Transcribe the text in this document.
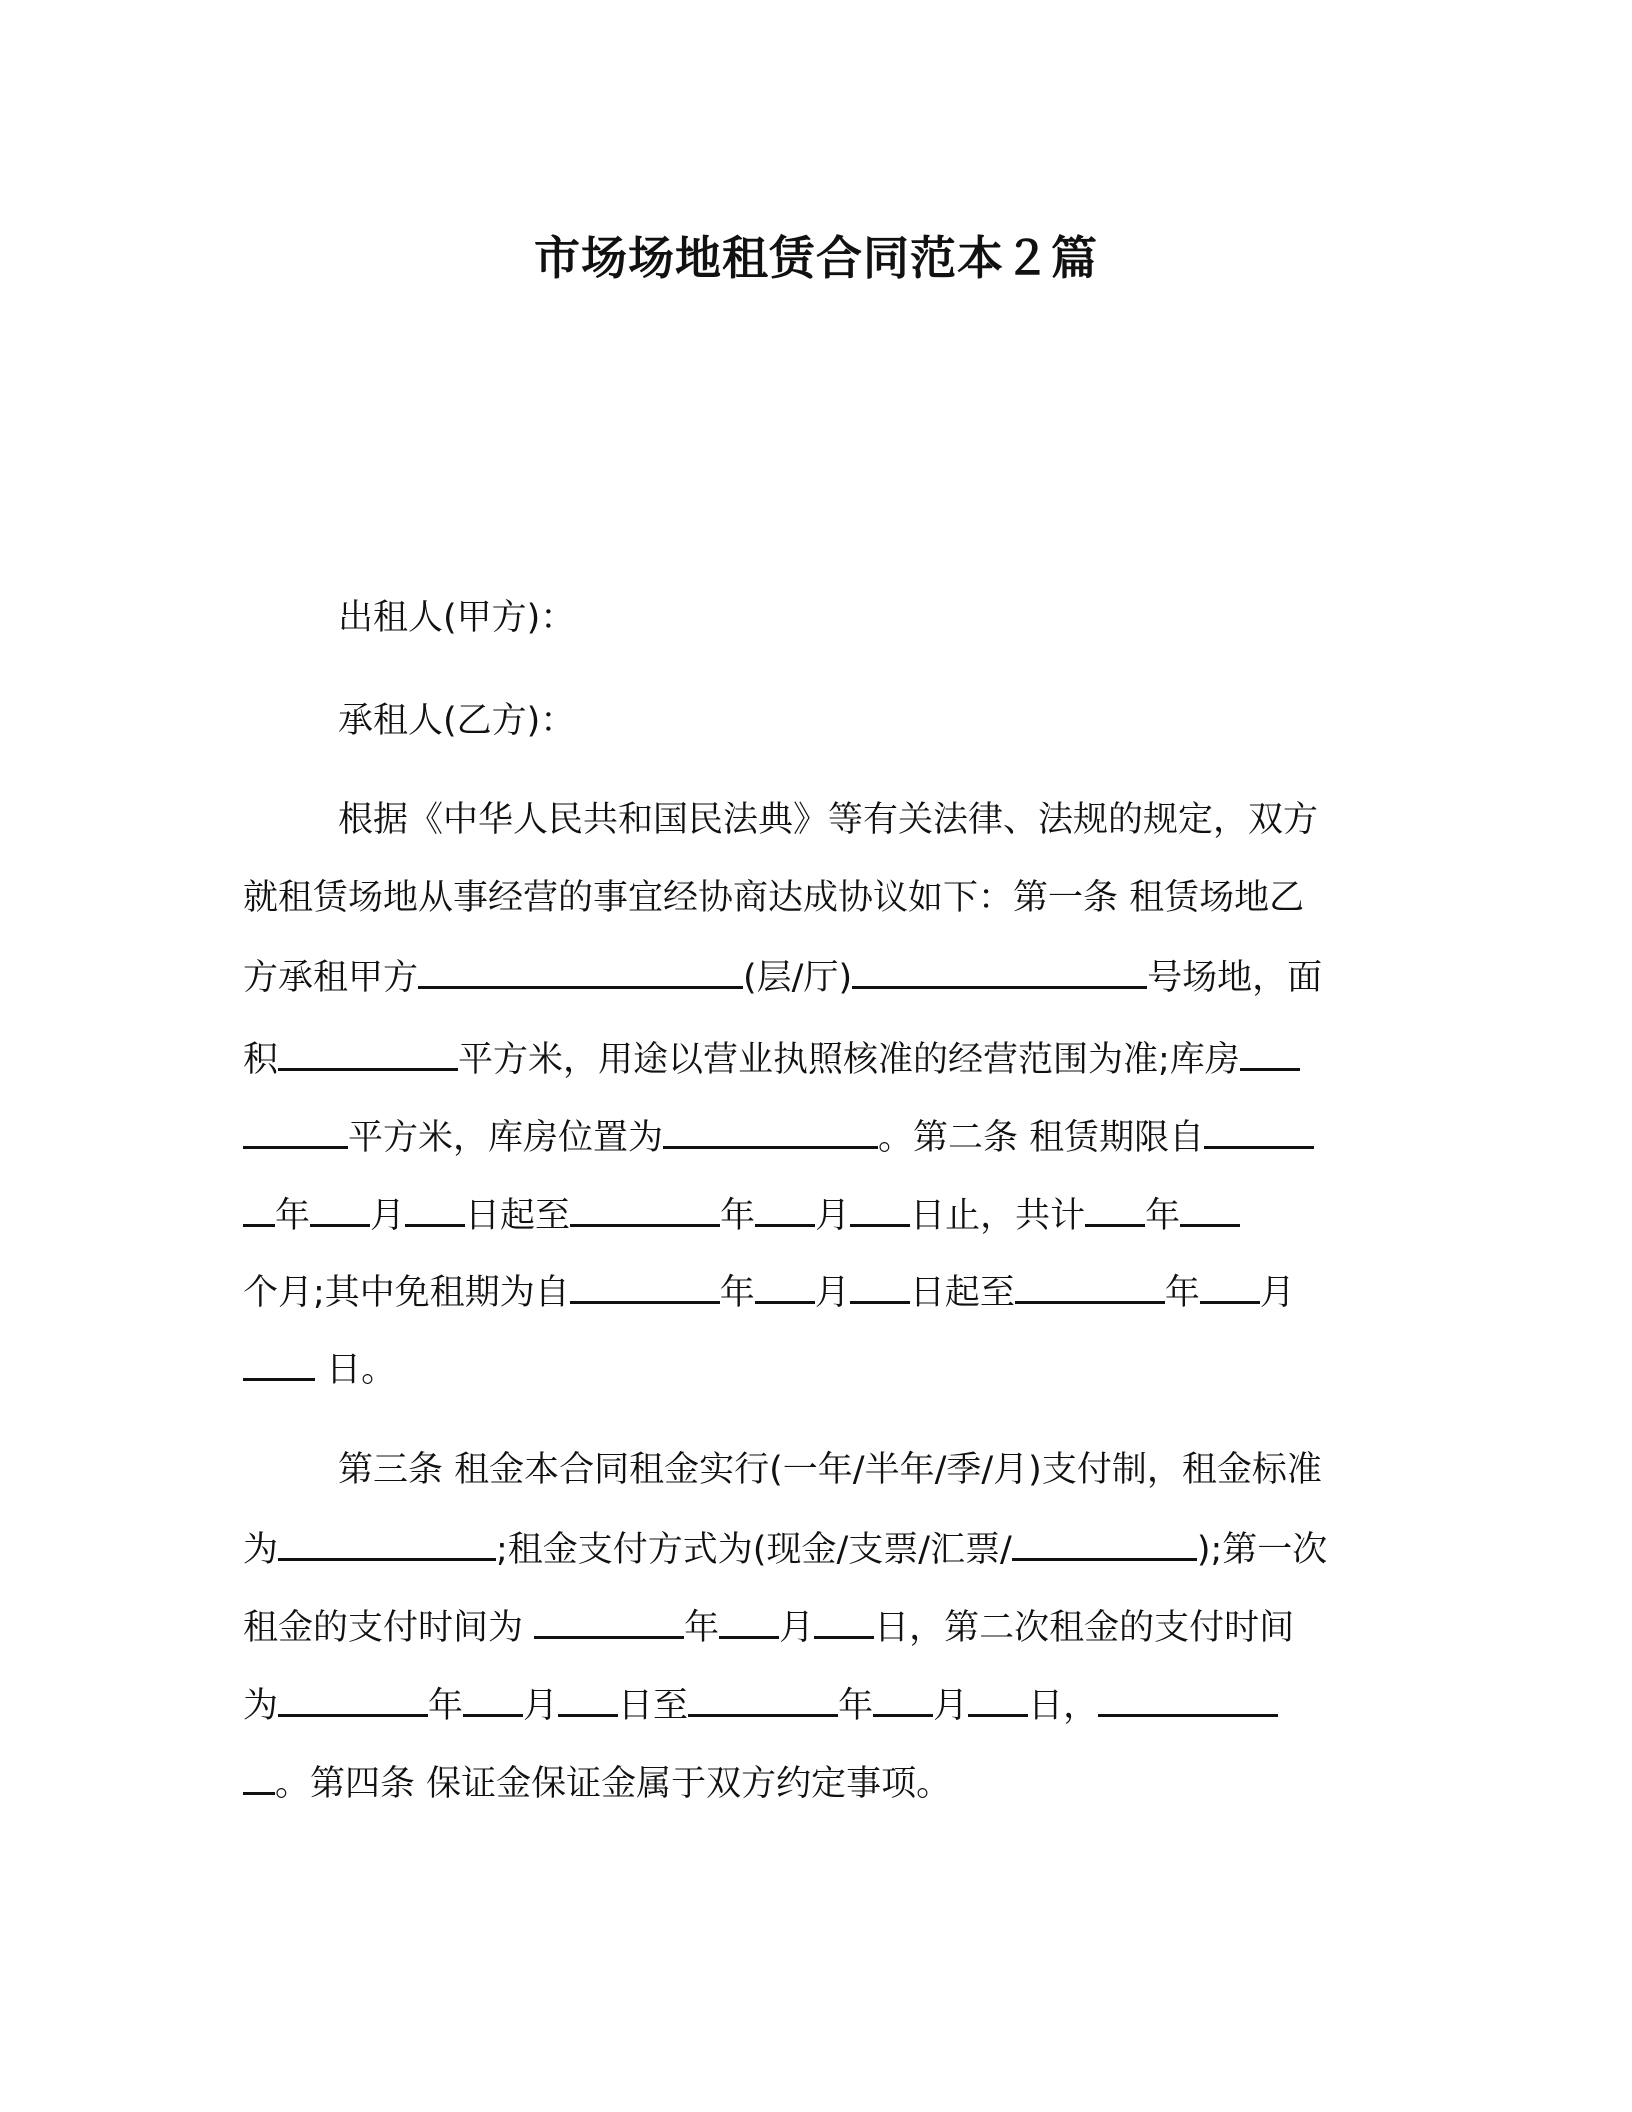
市场场地租赁合同范本２篇
出租人(甲方)：
承租人(乙方)：
根据《中华人民共和国民法典》等有关法律、法规的规定，双方
就租赁场地从事经营的事宜经协商达成协议如下：第一条 租赁场地乙
方承租甲方	(层/厅)	号场地，面
积	平方米，用途以营业执照核准的经营范围为准;库房
平方米，库房位置为	。第二条 租赁期限自
年 月 日起至	年 月 日止，共计 年
个月;其中免租期为自	年 月 日起至	年 月
日。
第三条 租金本合同租金实行(一年/半年/季/月)支付制，租金标准
为	;租金支付方式为(现金/支票/汇票/	);第一次
租金的支付时间为	年 月 日，第二次租金的支付时间
为	年 月 日至	年 月 日，
。第四条 保证金保证金属于双方约定事项。
